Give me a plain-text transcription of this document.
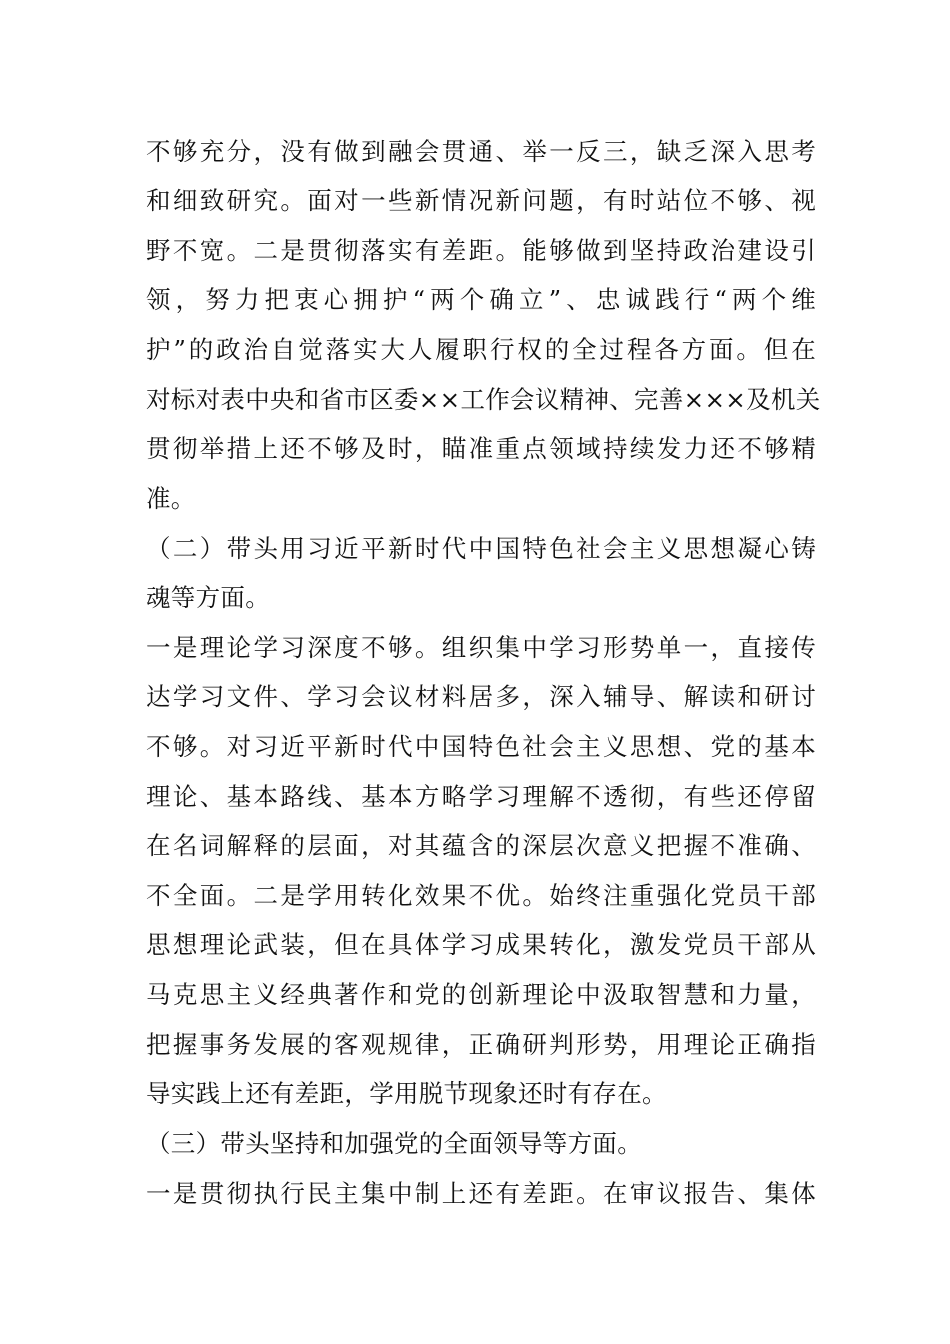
不够充分，没有做到融会贯通、举一反三，缺乏深入思考
和细致研究。面对一些新情况新问题，有时站位不够、视
野不宽。二是贯彻落实有差距。能够做到坚持政治建设引
领，努力把衷心拥护“两个确立”、忠诚践行“两个维
护”的政治自觉落实大人履职行权的全过程各方面。但在
对标对表中央和省市区委××工作会议精神、完善×××及机关
贯彻举措上还不够及时，瞄准重点领域持续发力还不够精
准。
（二）带头用习近平新时代中国特色社会主义思想凝心铸
魂等方面。
一是理论学习深度不够。组织集中学习形势单一，直接传
达学习文件、学习会议材料居多，深入辅导、解读和研讨
不够。对习近平新时代中国特色社会主义思想、党的基本
理论、基本路线、基本方略学习理解不透彻，有些还停留
在名词解释的层面，对其蕴含的深层次意义把握不准确、
不全面。二是学用转化效果不优。始终注重强化党员干部
思想理论武装，但在具体学习成果转化，激发党员干部从
马克思主义经典著作和党的创新理论中汲取智慧和力量，
把握事务发展的客观规律，正确研判形势，用理论正确指
导实践上还有差距，学用脱节现象还时有存在。
（三）带头坚持和加强党的全面领导等方面。
一是贯彻执行民主集中制上还有差距。在审议报告、集体
